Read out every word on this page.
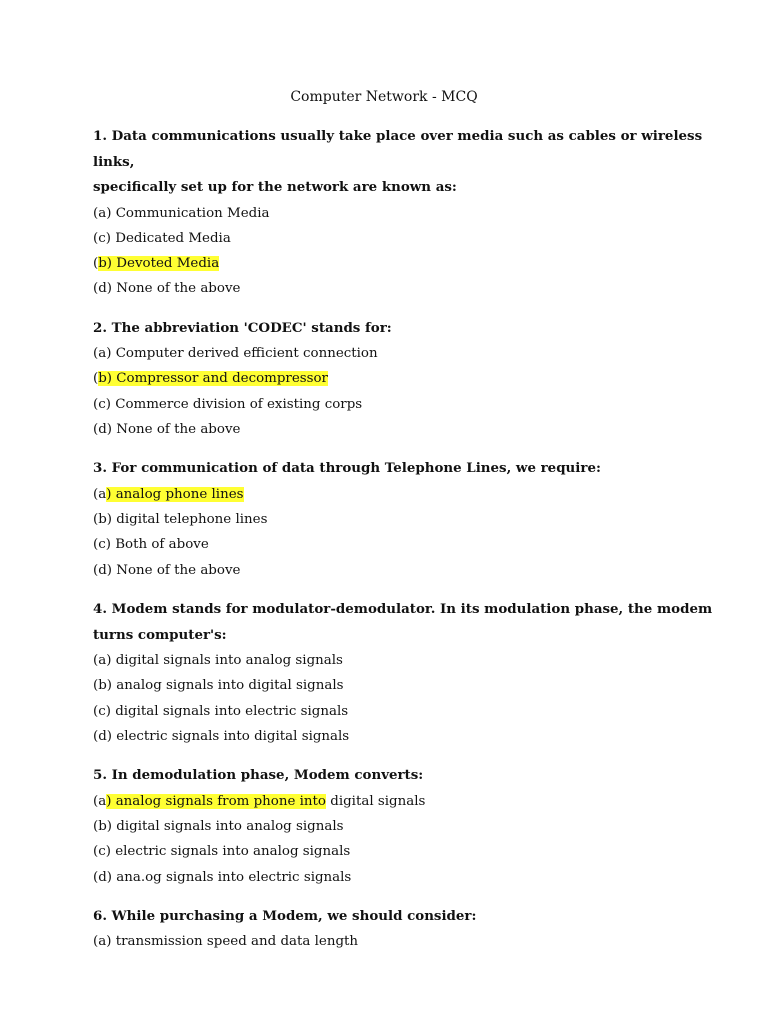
Computer Network - MCQ

1. Data communications usually take place over media such as cables or wireless links,

specifically set up for the network are known as:

(a) Communication Media

(c) Dedicated Media

(b) Devoted Media

(d) None of the above

2. The abbreviation 'CODEC' stands for:

(a) Computer derived efficient connection

(b) Compressor and decompressor

(c) Commerce division of existing corps

(d) None of the above

3. For communication of data through Telephone Lines, we require:

(a) analog phone lines

(b) digital telephone lines

(c) Both of above

(d) None of the above

4. Modem stands for modulator-demodulator. In its modulation phase, the modem

turns computer's:

(a) digital signals into analog signals

(b) analog signals into digital signals

(c) digital signals into electric signals

(d) electric signals into digital signals

5. In demodulation phase, Modem converts:

(a) analog signals from phone into digital signals

(b) digital signals into analog signals

(c) electric signals into analog signals

(d) ana.og signals into electric signals

6. While purchasing a Modem, we should consider:

(a) transmission speed and data length
